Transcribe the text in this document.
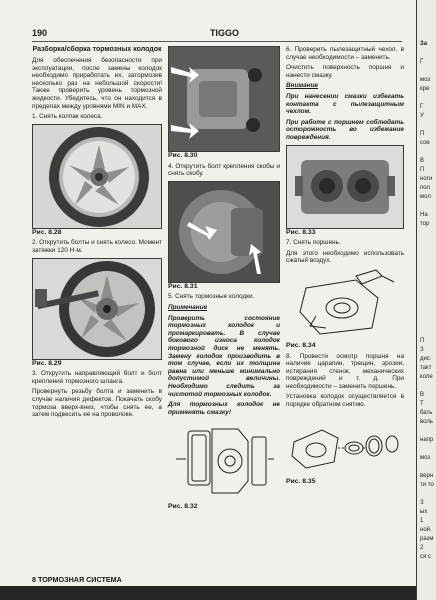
190	TIGGO

Разборка/сборка тормозных колодок

Для обеспечения безопасности при эксплуатации, после замены колодок необходимо приработать их, затормозив несколько раз на небольшой скорости! Также проверить уровень тормозной жидкости. Убедитесь, что он находится в пределах между уровнями MIN и MAX.

1. Снять колпак колеса.

Рис. 8.28

2. Открутить болты и снять колесо. Момент затяжки 120 Н·м.

Рис. 8.29

3. Открутить направляющий болт и болт крепления тормозного шланга.

Провернуть резьбу болта и заменить в случае наличия дефектов. Покачать скобу тормоза вверх-вниз, чтобы снять ее, а затем подвесить ее на проволоке.

Рис. 8.30

4. Открутить болт крепления скобы и снять скобу.

Рис. 8.31

5. Снять тормозные колодки.

Примечание

Проверить состояние тормозных колодок и промаркировать. В случае бокового износа колодок тормозной диск не менять. Замену колодок производить в том случае, если их толщина равна или меньше минимально допустимой величины. Необходимо следить за чистотой тормозных колодок.

Для тормозных колодок не применять смазку!

Рис. 8.32

6. Проверить пылезащитный чехол, в случае необходимости – заменить.

Очистить поверхность поршня и нанести смазку.

Внимание

При нанесении смазки избегать контакта с пылезащитным чехлом.

При работе с поршнем соблюдать осторожность во избежание повреждения.

Рис. 8.33

7. Снять поршень.

Для этого необходимо использовать сжатый воздух.

Рис. 8.34

8. Провести осмотр поршня на наличие царапин, трещин, эрозии, истирания стенок, механических повреждений и т. д. При необходимости – заменить поршень.

Установка колодок осуществляется в порядке обратном снятию.

Рис. 8.35

8 ТОРМОЗНАЯ СИСТЕМА
За

Г

моз
кре

Г
У

П
сое

В
П
ноги
пол
мол

На
тор

П
З
дис
такт
коле

В
Т
бать
воль

напр

моз

верн
ти то

З
ых
1
ной.
разм
2
ся с
